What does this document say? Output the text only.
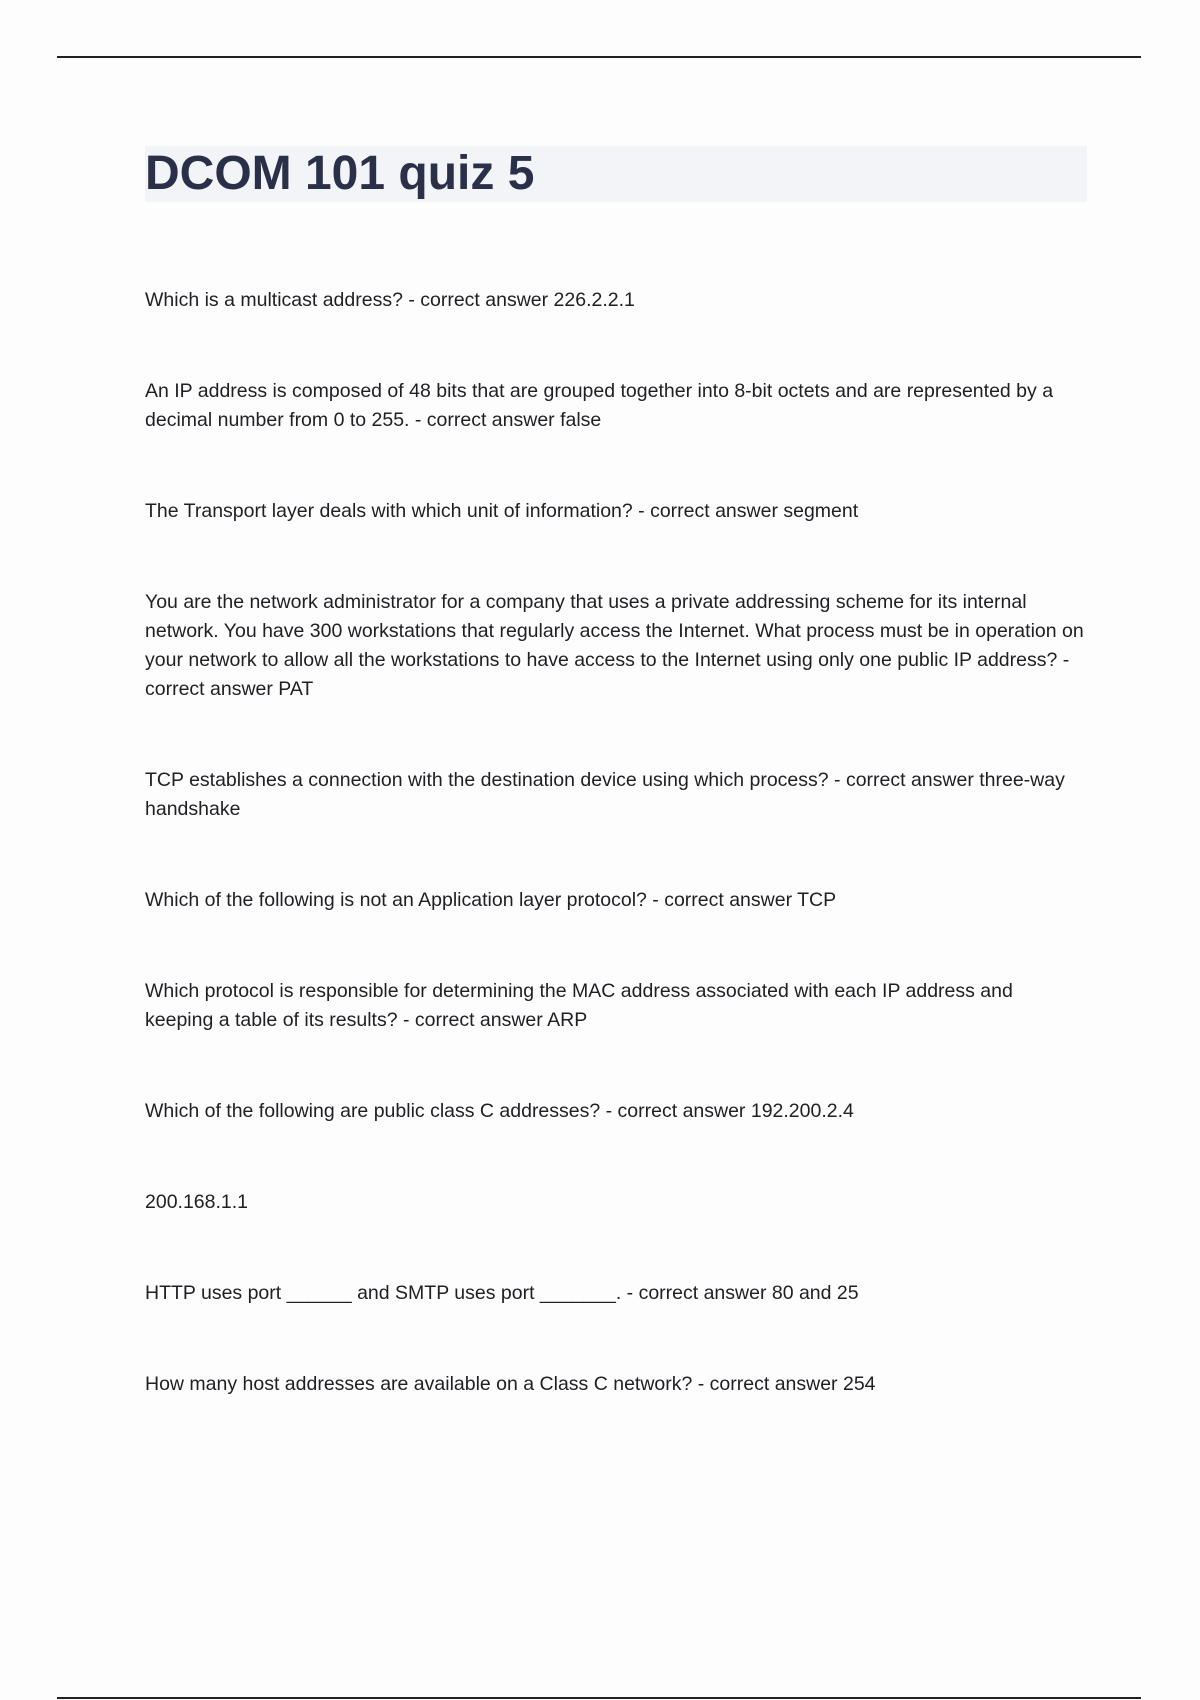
DCOM 101 quiz 5

Which is a multicast address? - correct answer 226.2.2.1

An IP address is composed of 48 bits that are grouped together into 8-bit octets and are represented by a decimal number from 0 to 255. - correct answer false

The Transport layer deals with which unit of information? - correct answer segment

You are the network administrator for a company that uses a private addressing scheme for its internal network. You have 300 workstations that regularly access the Internet. What process must be in operation on your network to allow all the workstations to have access to the Internet using only one public IP address? - correct answer PAT

TCP establishes a connection with the destination device using which process? - correct answer three-way handshake

Which of the following is not an Application layer protocol? - correct answer TCP

Which protocol is responsible for determining the MAC address associated with each IP address and keeping a table of its results? - correct answer ARP

Which of the following are public class C addresses? - correct answer 192.200.2.4

200.168.1.1

HTTP uses port ______ and SMTP uses port _______. - correct answer 80 and 25

How many host addresses are available on a Class C network? - correct answer 254
